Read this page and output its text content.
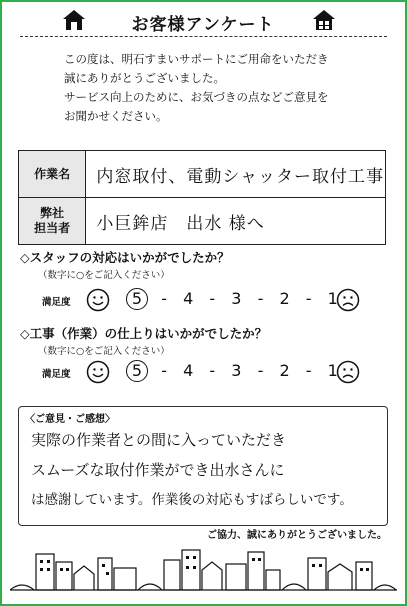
お客様アンケート
この度は、明石すまいサポートにご用命をいただき
誠にありがとうございました。
サービス向上のために、お気づきの点などご意見を
お聞かせください。
作業名	内窓取付、電動シャッター取付工事

弊社
担当者	小巨鉾店　出水 様へ
◇スタッフの対応はいかがでしたか？
（数字に○をご記入ください）
満足度	5 - 4 - 3 - 2 - 1
◇工事（作業）の仕上りはいかがでしたか？
（数字に○をご記入ください）
満足度	5 - 4 - 3 - 2 - 1
〈ご意見・ご感想〉
実際の作業者との間に入っていただき
スムーズな取付作業ができ出水さんに
は感謝しています。作業後の対応もすばらしいです。
ご協力、誠にありがとうございました。
